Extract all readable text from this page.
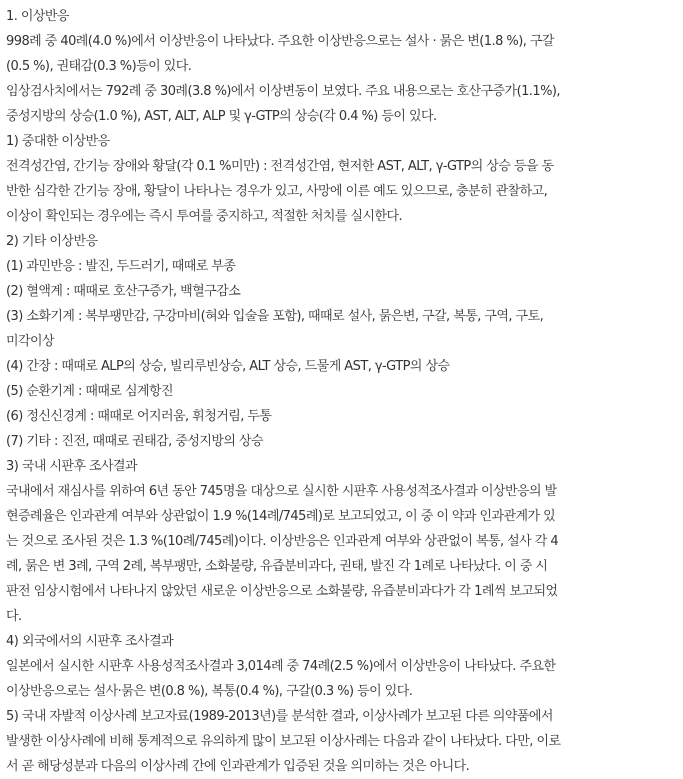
1. 이상반응
998례 중 40례(4.0 %)에서 이상반응이 나타났다. 주요한 이상반응으로는 설사 · 묽은 변(1.8 %), 구갈
(0.5 %), 권태감(0.3 %)등이 있다.
임상검사치에서는 792례 중 30례(3.8 %)에서 이상변동이 보였다. 주요 내용으로는 호산구증가(1.1%),
중성지방의 상승(1.0 %), AST, ALT, ALP 및 γ-GTP의 상승(각 0.4 %) 등이 있다.
1) 중대한 이상반응
전격성간염, 간기능 장애와 황달(각 0.1 %미만) : 전격성간염, 현저한 AST, ALT, γ-GTP의 상승 등을 동
반한 심각한 간기능 장애, 황달이 나타나는 경우가 있고, 사망에 이른 예도 있으므로, 충분히 관찰하고,
이상이 확인되는 경우에는 즉시 투여를 중지하고, 적절한 처치를 실시한다.
2) 기타 이상반응
(1) 과민반응 : 발진, 두드러기, 때때로 부종
(2) 혈액계 : 때때로 호산구증가, 백혈구감소
(3) 소화기계 : 복부팽만감, 구강마비(혀와 입술을 포함), 때때로 설사, 묽은변, 구갈, 복통, 구역, 구토,
미각이상
(4) 간장 : 때때로 ALP의 상승, 빌리루빈상승, ALT 상승, 드물게 AST, γ-GTP의 상승
(5) 순환기계 : 때때로 심계항진
(6) 정신신경계 : 때때로 어지러움, 휘청거림, 두통
(7) 기타 : 진전, 때때로 권태감, 중성지방의 상승
3) 국내 시판후 조사결과
국내에서 재심사를 위하여 6년 동안 745명을 대상으로 실시한 시판후 사용성적조사결과 이상반응의 발
현증례율은 인과관계 여부와 상관없이 1.9 %(14례/745례)로 보고되었고, 이 중 이 약과 인과관계가 있
는 것으로 조사된 것은 1.3 %(10례/745례)이다. 이상반응은 인과관계 여부와 상관없이 복통, 설사 각 4
례, 묽은 변 3례, 구역 2례, 복부팽만, 소화불량, 유즙분비과다, 권태, 발진 각 1례로 나타났다. 이 중 시
판전 임상시험에서 나타나지 않았던 새로운 이상반응으로 소화불량, 유즙분비과다가 각 1례씩 보고되었
다.
4) 외국에서의 시판후 조사결과
일본에서 실시한 시판후 사용성적조사결과 3,014례 중 74례(2.5 %)에서 이상반응이 나타났다. 주요한
이상반응으로는 설사·묽은 변(0.8 %), 복통(0.4 %), 구갈(0.3 %) 등이 있다.
5) 국내 자발적 이상사례 보고자료(1989-2013년)를 분석한 결과, 이상사례가 보고된 다른 의약품에서
발생한 이상사례에 비해 통계적으로 유의하게 많이 보고된 이상사례는 다음과 같이 나타났다. 다만, 이로
서 곧 해당성분과 다음의 이상사례 간에 인과관계가 입증된 것을 의미하는 것은 아니다.
